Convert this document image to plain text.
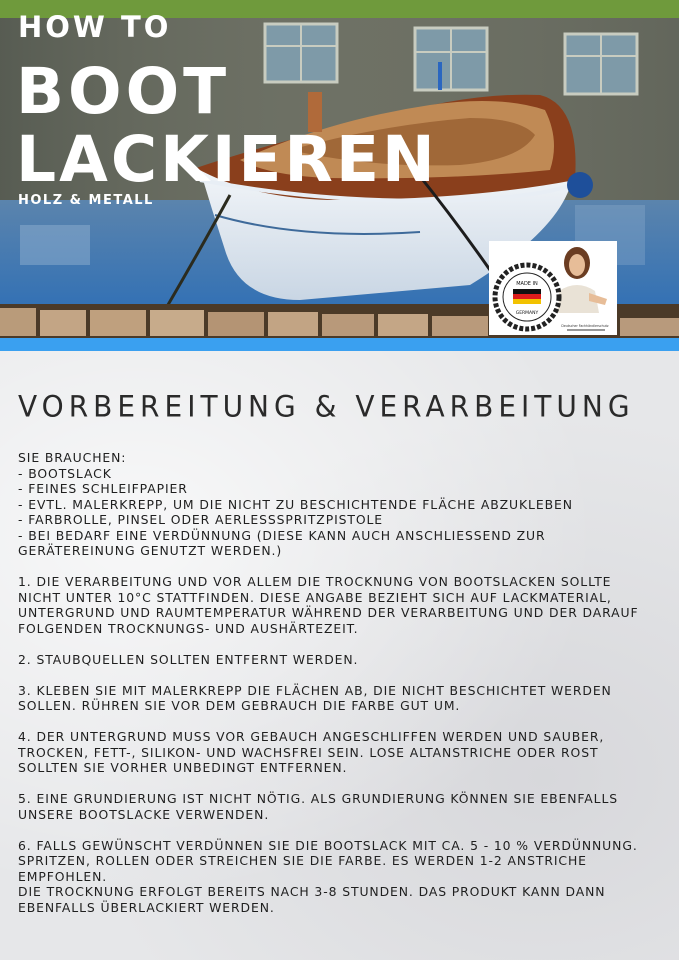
HOW TO
BOOT
LACKIEREN
HOLZ & METALL
MADE IN
GERMANY
Deutscher Fachhändlerschutz
VORBEREITUNG & VERARBEITUNG

SIE BRAUCHEN:

- BOOTSLACK

- FEINES SCHLEIFPAPIER

- EVTL. MALERKREPP, UM DIE NICHT ZU BESCHICHTENDE FLÄCHE ABZUKLEBEN

- FARBROLLE, PINSEL ODER AERLESSSPRITZPISTOLE

- BEI BEDARF EINE VERDÜNNUNG (DIESE KANN AUCH ANSCHLIESSEND ZUR GERÄTEREINUNG GENUTZT WERDEN.)

1. DIE VERARBEITUNG UND VOR ALLEM DIE TROCKNUNG VON BOOTSLACKEN SOLLTE NICHT UNTER 10°C STATTFINDEN. DIESE ANGABE BEZIEHT SICH AUF LACKMATERIAL, UNTERGRUND UND RAUMTEMPERATUR WÄHREND DER VERARBEITUNG UND DER DARAUF FOLGENDEN TROCKNUNGS- UND AUSHÄRTEZEIT.

2. STAUBQUELLEN SOLLTEN ENTFERNT WERDEN.

3. KLEBEN SIE MIT MALERKREPP DIE FLÄCHEN AB, DIE NICHT BESCHICHTET WERDEN SOLLEN. RÜHREN SIE VOR DEM GEBRAUCH DIE FARBE GUT UM.

4. DER UNTERGRUND MUSS VOR GEBAUCH ANGESCHLIFFEN WERDEN UND SAUBER, TROCKEN, FETT-, SILIKON- UND WACHSFREI SEIN. LOSE ALTANSTRICHE ODER ROST SOLLTEN SIE VORHER UNBEDINGT ENTFERNEN.

5. EINE GRUNDIERUNG IST NICHT NÖTIG. ALS GRUNDIERUNG KÖNNEN SIE EBENFALLS UNSERE BOOTSLACKE VERWENDEN.

6. FALLS GEWÜNSCHT VERDÜNNEN SIE DIE BOOTSLACK MIT CA. 5 - 10 % VERDÜNNUNG. SPRITZEN, ROLLEN ODER STREICHEN SIE DIE FARBE. ES WERDEN 1-2 ANSTRICHE EMPFOHLEN.

DIE TROCKNUNG ERFOLGT BEREITS NACH 3-8 STUNDEN. DAS PRODUKT KANN DANN EBENFALLS ÜBERLACKIERT WERDEN.
